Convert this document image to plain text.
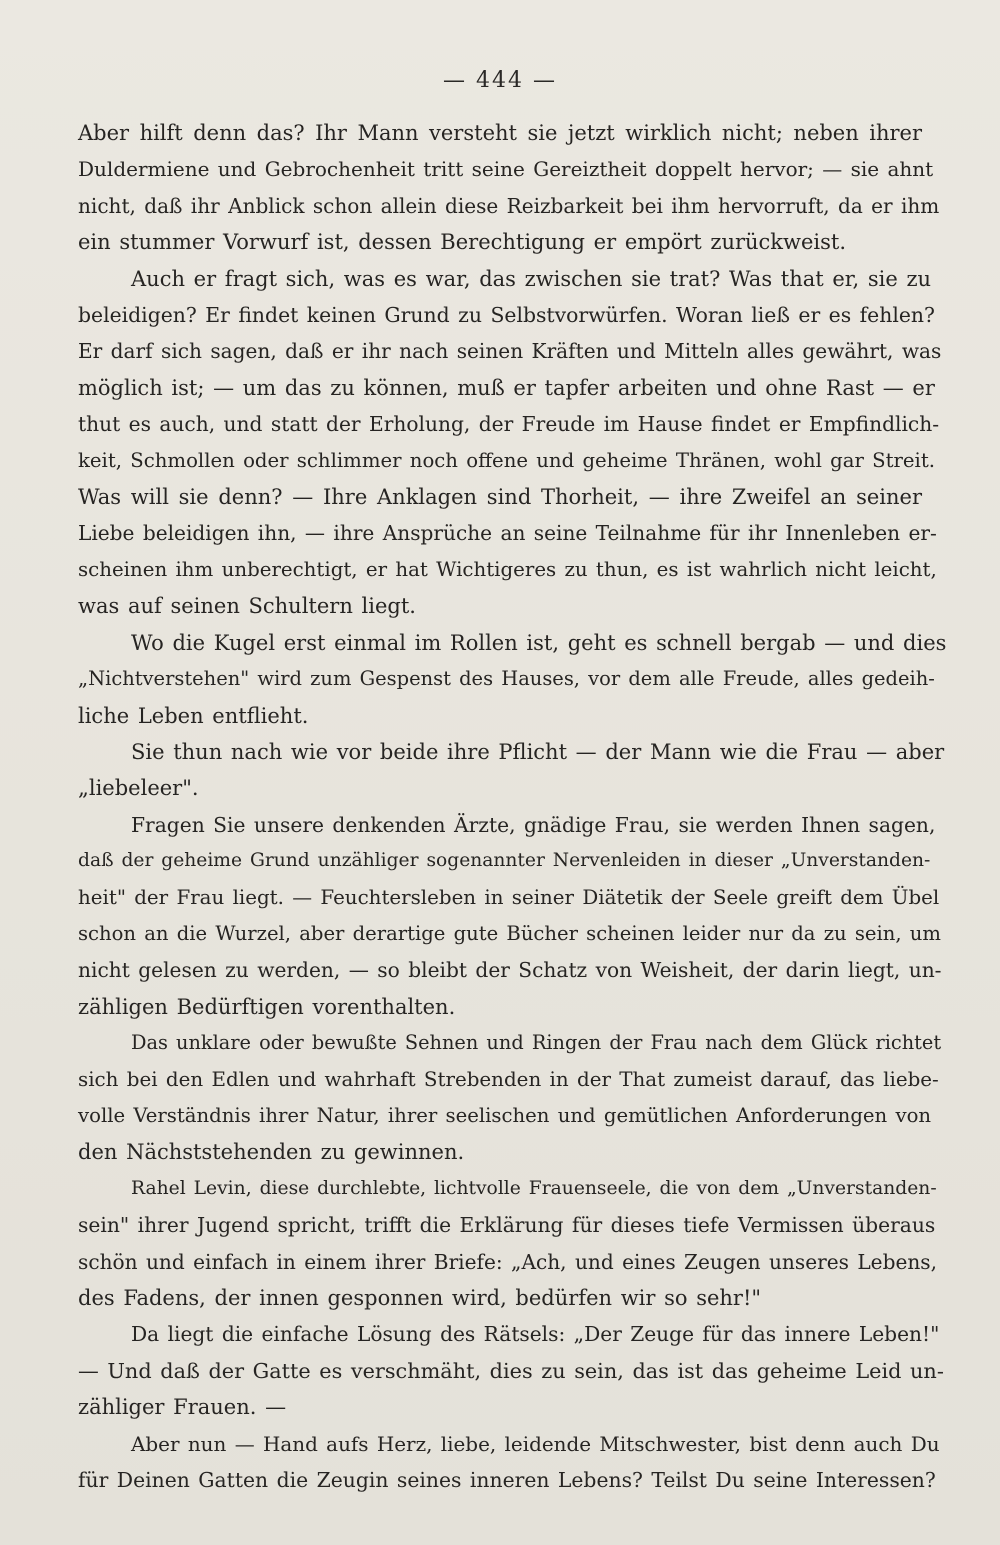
— 444 —

Aber hilft denn das? Ihr Mann versteht sie jetzt wirklich nicht; neben ihrer

Duldermiene und Gebrochenheit tritt seine Gereiztheit doppelt hervor; — sie ahnt

nicht, daß ihr Anblick schon allein diese Reizbarkeit bei ihm hervorruft, da er ihm

ein stummer Vorwurf ist, dessen Berechtigung er empört zurückweist.

Auch er fragt sich, was es war, das zwischen sie trat? Was that er, sie zu

beleidigen? Er findet keinen Grund zu Selbstvorwürfen. Woran ließ er es fehlen?

Er darf sich sagen, daß er ihr nach seinen Kräften und Mitteln alles gewährt, was

möglich ist; — um das zu können, muß er tapfer arbeiten und ohne Rast — er

thut es auch, und statt der Erholung, der Freude im Hause findet er Empfindlich-

keit, Schmollen oder schlimmer noch offene und geheime Thränen, wohl gar Streit.

Was will sie denn? — Ihre Anklagen sind Thorheit, — ihre Zweifel an seiner

Liebe beleidigen ihn, — ihre Ansprüche an seine Teilnahme für ihr Innenleben er-

scheinen ihm unberechtigt, er hat Wichtigeres zu thun, es ist wahrlich nicht leicht,

was auf seinen Schultern liegt.

Wo die Kugel erst einmal im Rollen ist, geht es schnell bergab — und dies

„Nichtverstehen" wird zum Gespenst des Hauses, vor dem alle Freude, alles gedeih-

liche Leben entflieht.

Sie thun nach wie vor beide ihre Pflicht — der Mann wie die Frau — aber

„liebeleer".

Fragen Sie unsere denkenden Ärzte, gnädige Frau, sie werden Ihnen sagen,

daß der geheime Grund unzähliger sogenannter Nervenleiden in dieser „Unverstanden-

heit" der Frau liegt. — Feuchtersleben in seiner Diätetik der Seele greift dem Übel

schon an die Wurzel, aber derartige gute Bücher scheinen leider nur da zu sein, um

nicht gelesen zu werden, — so bleibt der Schatz von Weisheit, der darin liegt, un-

zähligen Bedürftigen vorenthalten.

Das unklare oder bewußte Sehnen und Ringen der Frau nach dem Glück richtet

sich bei den Edlen und wahrhaft Strebenden in der That zumeist darauf, das liebe-

volle Verständnis ihrer Natur, ihrer seelischen und gemütlichen Anforderungen von

den Nächststehenden zu gewinnen.

Rahel Levin, diese durchlebte, lichtvolle Frauenseele, die von dem „Unverstanden-

sein" ihrer Jugend spricht, trifft die Erklärung für dieses tiefe Vermissen überaus

schön und einfach in einem ihrer Briefe: „Ach, und eines Zeugen unseres Lebens,

des Fadens, der innen gesponnen wird, bedürfen wir so sehr!"

Da liegt die einfache Lösung des Rätsels: „Der Zeuge für das innere Leben!"

— Und daß der Gatte es verschmäht, dies zu sein, das ist das geheime Leid un-

zähliger Frauen. —

Aber nun — Hand aufs Herz, liebe, leidende Mitschwester, bist denn auch Du

für Deinen Gatten die Zeugin seines inneren Lebens? Teilst Du seine Interessen?
